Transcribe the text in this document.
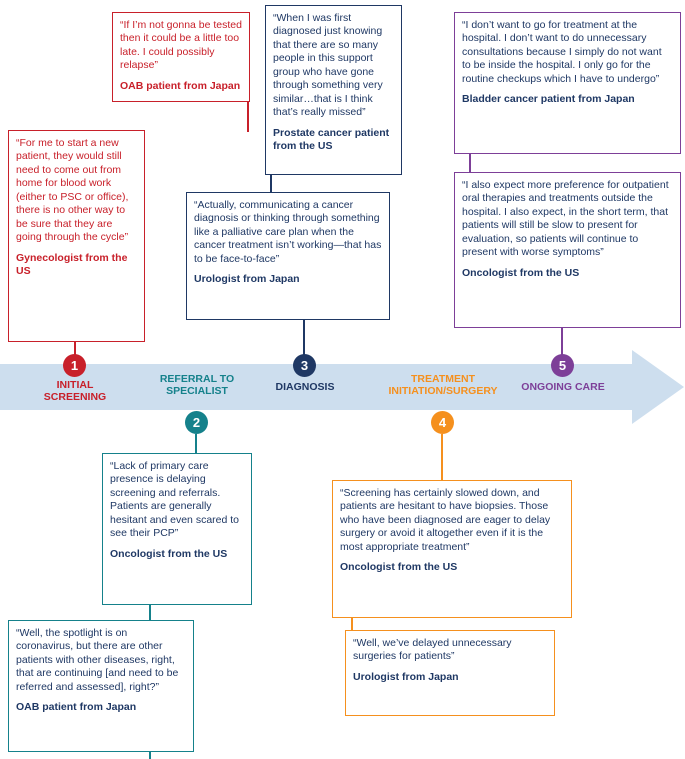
“If I’m not gonna be tested then it could be a little too late. I could possibly relapse”

OAB patient from Japan

“For me to start a new patient, they would still need to come out from home for blood work (either to PSC or office), there is no other way to be sure that they are going through the cycle”

Gynecologist from the US

“When I was first diagnosed just knowing that there are so many people in this support group who have gone through something very similar…that is I think that’s really missed”

Prostate cancer patient from the US

“Actually, communicating a cancer diagnosis or thinking through something like a palliative care plan when the cancer treatment isn’t working—that has to be face-to-face”

Urologist from Japan

“I don’t want to go for treatment at the hospital. I don’t want to do unnecessary consultations because I simply do not want to be inside the hospital. I only go for the routine checkups which I have to undergo”

Bladder cancer patient from Japan

“I also expect more preference for outpatient oral therapies and treatments outside the hospital. I also expect, in the short term, that patients will still be slow to present for evaluation, so patients will continue to present with worse symptoms”

Oncologist from the US

“Lack of primary care presence is delaying screening and referrals. Patients are generally hesitant and even scared to see their PCP”

Oncologist from the US

“Well, the spotlight is on coronavirus, but there are other patients with other diseases, right, that are continuing [and need to be referred and assessed], right?”

OAB patient from Japan

“Screening has certainly slowed down, and patients are hesitant to have biopsies. Those who have been diagnosed are eager to delay surgery or avoid it altogether even if it is the most appropriate treatment”

Oncologist from the US

“Well, we’ve delayed unnecessary surgeries for patients”

Urologist from Japan

1
2
3
4
5
INITIAL SCREENING
REFERRAL TO SPECIALIST	DIAGNOSIS
TREATMENT INITIATION/SURGERY	ONGOING CARE
